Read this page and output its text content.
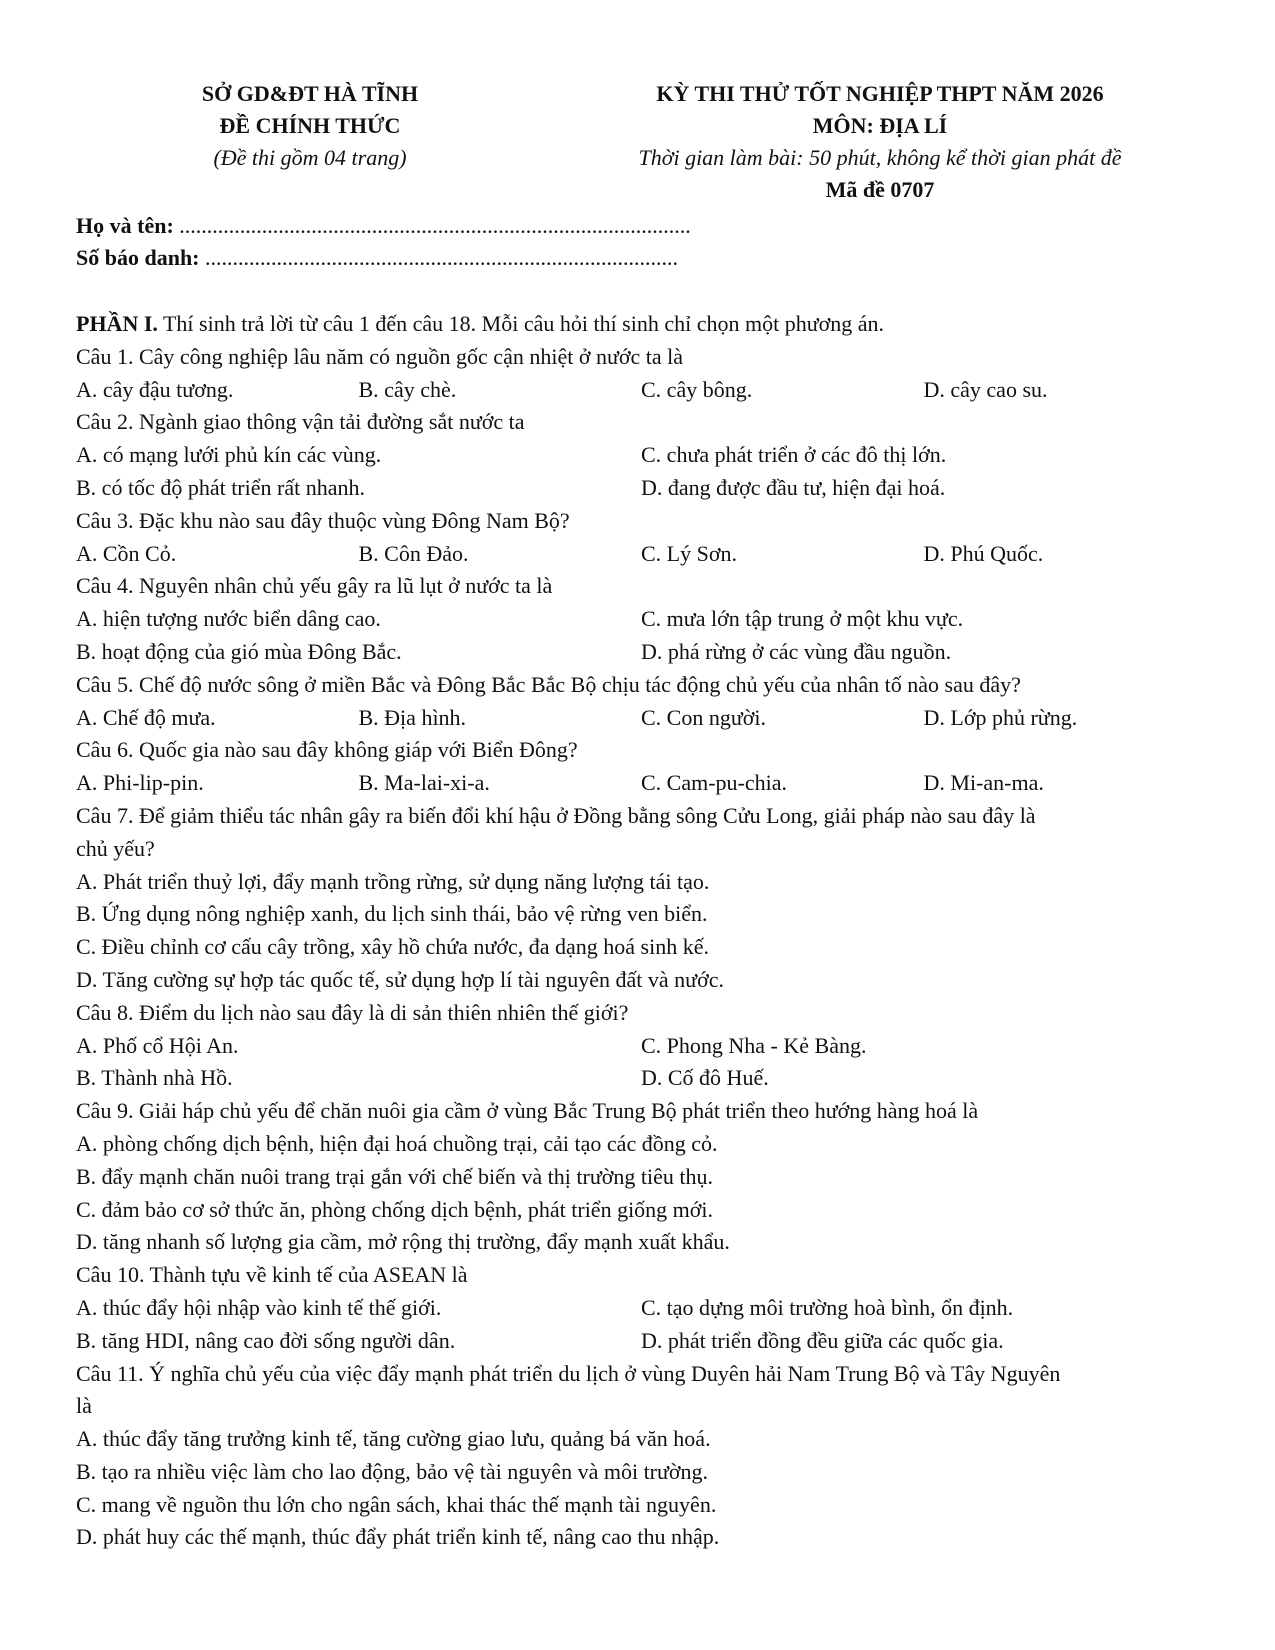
SỞ GD&ĐT HÀ TĨNH
ĐỀ CHÍNH THỨC
(Đề thi gồm 04 trang)
KỲ THI THỬ TỐT NGHIỆP THPT NĂM 2026
MÔN: ĐỊA LÍ
Thời gian làm bài: 50 phút, không kể thời gian phát đề
Mã đề 0707
Họ và tên: .............................................................................................
Số báo danh: ......................................................................................
PHẦN I. Thí sinh trả lời từ câu 1 đến câu 18. Mỗi câu hỏi thí sinh chỉ chọn một phương án.
Câu 1. Cây công nghiệp lâu năm có nguồn gốc cận nhiệt ở nước ta là
A. cây đậu tương.	B. cây chè.	C. cây bông.	D. cây cao su.
Câu 2. Ngành giao thông vận tải đường sắt nước ta
A. có mạng lưới phủ kín các vùng.	C. chưa phát triển ở các đô thị lớn.
B. có tốc độ phát triển rất nhanh.	D. đang được đầu tư, hiện đại hoá.
Câu 3. Đặc khu nào sau đây thuộc vùng Đông Nam Bộ?
A. Cồn Cỏ.	B. Côn Đảo.	C. Lý Sơn.	D. Phú Quốc.
Câu 4. Nguyên nhân chủ yếu gây ra lũ lụt ở nước ta là
A. hiện tượng nước biển dâng cao.	C. mưa lớn tập trung ở một khu vực.
B. hoạt động của gió mùa Đông Bắc.	D. phá rừng ở các vùng đầu nguồn.
Câu 5. Chế độ nước sông ở miền Bắc và Đông Bắc Bắc Bộ chịu tác động chủ yếu của nhân tố nào sau đây?
A. Chế độ mưa.	B. Địa hình.	C. Con người.	D. Lớp phủ rừng.
Câu 6. Quốc gia nào sau đây không giáp với Biển Đông?
A. Phi-lip-pin.	B. Ma-lai-xi-a.	C. Cam-pu-chia.	D. Mi-an-ma.
Câu 7. Để giảm thiểu tác nhân gây ra biến đổi khí hậu ở Đồng bằng sông Cửu Long, giải pháp nào sau đây là
chủ yếu?
A. Phát triển thuỷ lợi, đẩy mạnh trồng rừng, sử dụng năng lượng tái tạo.
B. Ứng dụng nông nghiệp xanh, du lịch sinh thái, bảo vệ rừng ven biển.
C. Điều chỉnh cơ cấu cây trồng, xây hồ chứa nước, đa dạng hoá sinh kế.
D. Tăng cường sự hợp tác quốc tế, sử dụng hợp lí tài nguyên đất và nước.
Câu 8. Điểm du lịch nào sau đây là di sản thiên nhiên thế giới?
A. Phố cổ Hội An.	C. Phong Nha - Kẻ Bàng.
B. Thành nhà Hồ.	D. Cố đô Huế.
Câu 9. Giải háp chủ yếu để chăn nuôi gia cầm ở vùng Bắc Trung Bộ phát triển theo hướng hàng hoá là
A. phòng chống dịch bệnh, hiện đại hoá chuồng trại, cải tạo các đồng cỏ.
B. đẩy mạnh chăn nuôi trang trại gắn với chế biến và thị trường tiêu thụ.
C. đảm bảo cơ sở thức ăn, phòng chống dịch bệnh, phát triển giống mới.
D. tăng nhanh số lượng gia cầm, mở rộng thị trường, đẩy mạnh xuất khẩu.
Câu 10. Thành tựu về kinh tế của ASEAN là
A. thúc đẩy hội nhập vào kinh tế thế giới.	C. tạo dựng môi trường hoà bình, ổn định.
B. tăng HDI, nâng cao đời sống người dân.	D. phát triển đồng đều giữa các quốc gia.
Câu 11. Ý nghĩa chủ yếu của việc đẩy mạnh phát triển du lịch ở vùng Duyên hải Nam Trung Bộ và Tây Nguyên
là
A. thúc đẩy tăng trưởng kinh tế, tăng cường giao lưu, quảng bá văn hoá.
B. tạo ra nhiều việc làm cho lao động, bảo vệ tài nguyên và môi trường.
C. mang về nguồn thu lớn cho ngân sách, khai thác thế mạnh tài nguyên.
D. phát huy các thế mạnh, thúc đẩy phát triển kinh tế, nâng cao thu nhập.
